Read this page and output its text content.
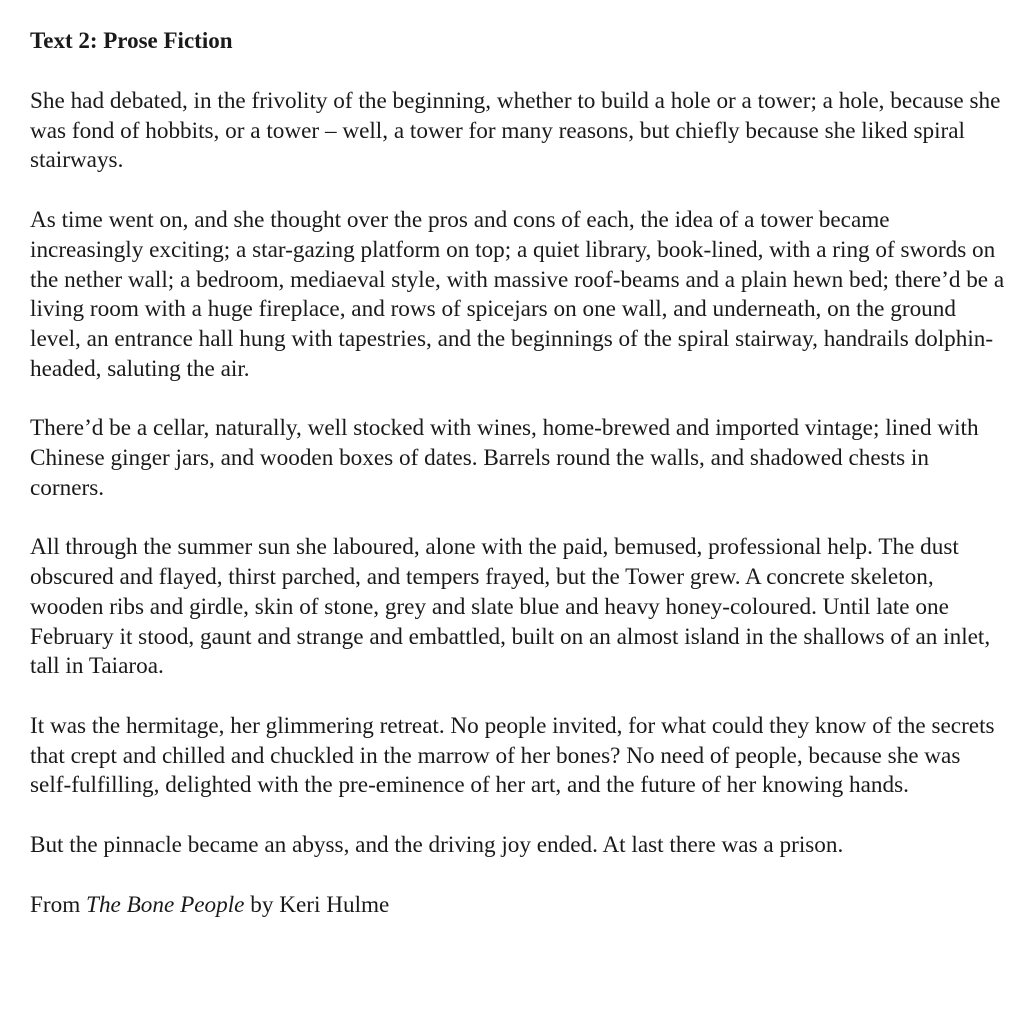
Text 2: Prose Fiction

She had debated, in the frivolity of the beginning, whether to build a hole or a tower; a hole, because she was fond of hobbits, or a tower – well, a tower for many reasons, but chiefly because she liked spiral stairways.

As time went on, and she thought over the pros and cons of each, the idea of a tower became increasingly exciting; a star-gazing platform on top; a quiet library, book-lined, with a ring of swords on the nether wall; a bedroom, mediaeval style, with massive roof-beams and a plain hewn bed; there’d be a living room with a huge fireplace, and rows of spicejars on one wall, and underneath, on the ground level, an entrance hall hung with tapestries, and the beginnings of the spiral stairway, handrails dolphin-headed, saluting the air.

There’d be a cellar, naturally, well stocked with wines, home-brewed and imported vintage; lined with Chinese ginger jars, and wooden boxes of dates. Barrels round the walls, and shadowed chests in corners.

All through the summer sun she laboured, alone with the paid, bemused, professional help. The dust obscured and flayed, thirst parched, and tempers frayed, but the Tower grew. A concrete skeleton, wooden ribs and girdle, skin of stone, grey and slate blue and heavy honey-coloured. Until late one February it stood, gaunt and strange and embattled, built on an almost island in the shallows of an inlet, tall in Taiaroa.

It was the hermitage, her glimmering retreat. No people invited, for what could they know of the secrets that crept and chilled and chuckled in the marrow of her bones? No need of people, because she was self-fulfilling, delighted with the pre-eminence of her art, and the future of her knowing hands.

But the pinnacle became an abyss, and the driving joy ended. At last there was a prison.

From The Bone People by Keri Hulme
